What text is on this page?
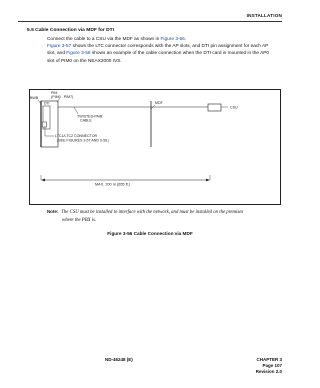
INSTALLATION
5.5 Cable Connection via MDF for DTI
Connect the cable to a CSU via the MDF as shown in Figure 3-56.
Figure 3-57 shows the LTC connector corresponds with the AP slots, and DTI pin assignment for each AP
slot, and Figure 3-58 shows an example of the cable connection when the DTI card is mounted in the AP0
slot of PIM0 on the NEAX2000 IVS.
BWB
PIM
(PIM0 - PIM7)
DTI
TWISTED-PAIR
CABLE
MDF
CSU
LTC1/LTC2 CONNECTOR
(SEE FIGURES 3-57 AND 3-58.)
MAX. 200 m (655 ft.)
Note: The CSU must be installed to interface with the network, and must be installed on the premises
where the PBX is.
Figure 3-56 Cable Connection via MDF
ND-46248 (E)	CHAPTER 3
Page 107
Revision 2.0
